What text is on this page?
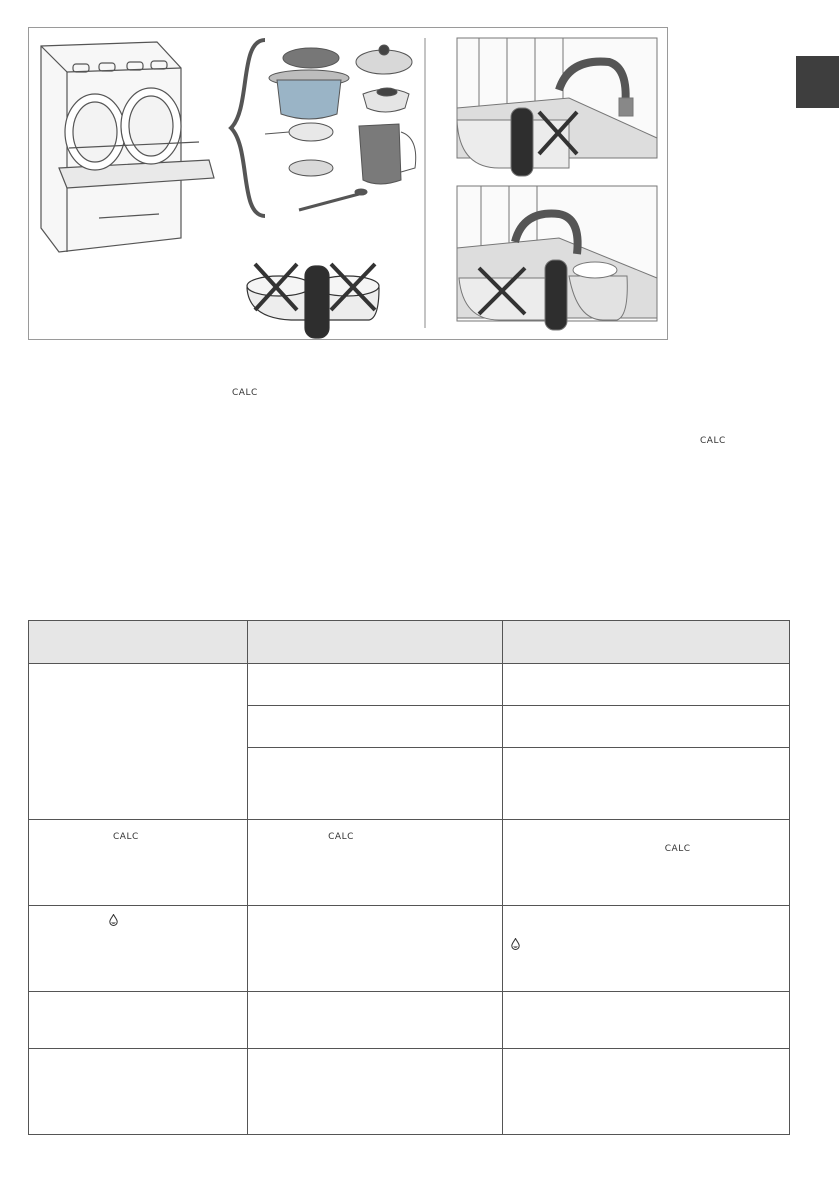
CALC
CALC

CALC	CALC	CALC
